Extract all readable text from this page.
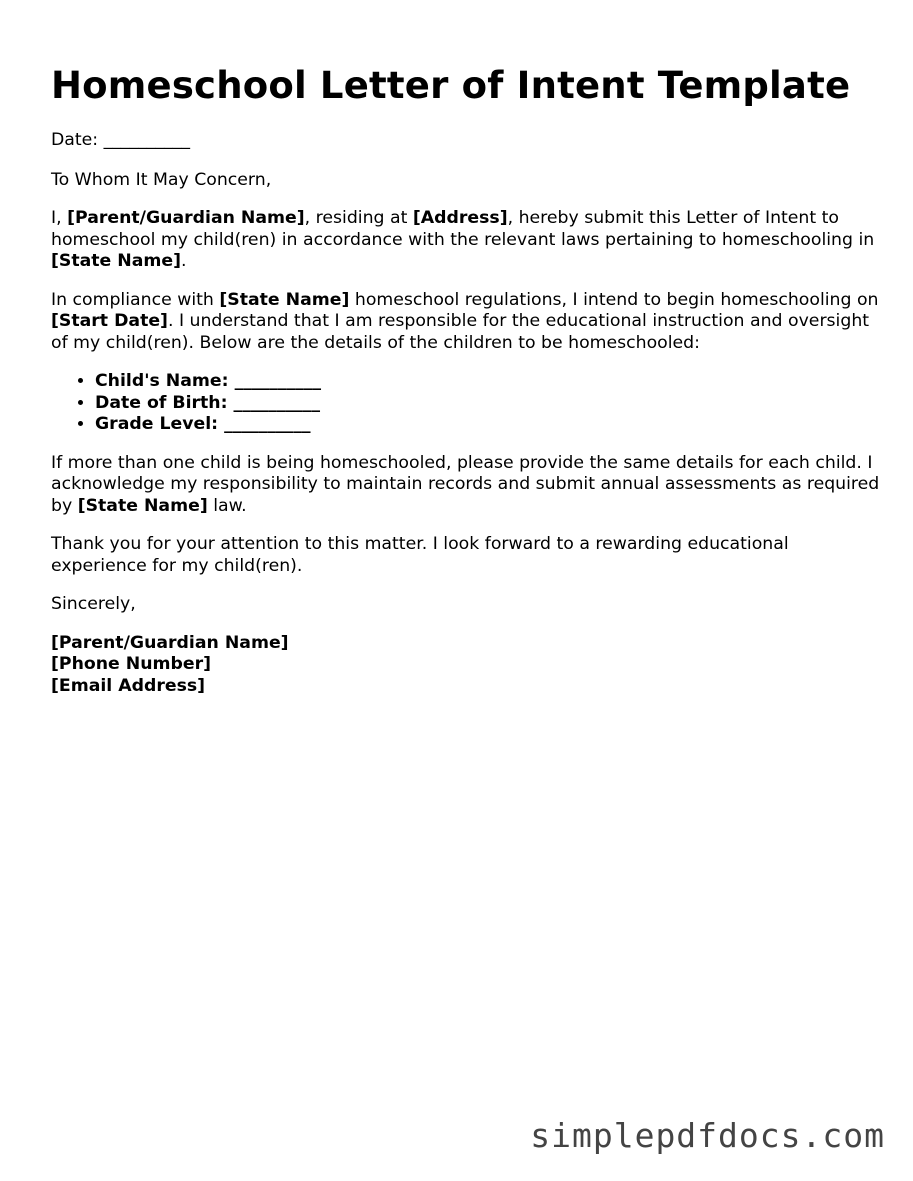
Homeschool Letter of Intent Template

Date: __________

To Whom It May Concern,

I, [Parent/Guardian Name], residing at [Address], hereby submit this Letter of Intent to homeschool my child(ren) in accordance with the relevant laws pertaining to homeschooling in [State Name].

In compliance with [State Name] homeschool regulations, I intend to begin homeschooling on [Start Date]. I understand that I am responsible for the educational instruction and oversight of my child(ren). Below are the details of the children to be homeschooled:

• Child's Name: __________
• Date of Birth: __________
• Grade Level: __________

If more than one child is being homeschooled, please provide the same details for each child. I acknowledge my responsibility to maintain records and submit annual assessments as required by [State Name] law.

Thank you for your attention to this matter. I look forward to a rewarding educational experience for my child(ren).

Sincerely,

[Parent/Guardian Name]
[Phone Number]
[Email Address]
simplepdfdocs.com
